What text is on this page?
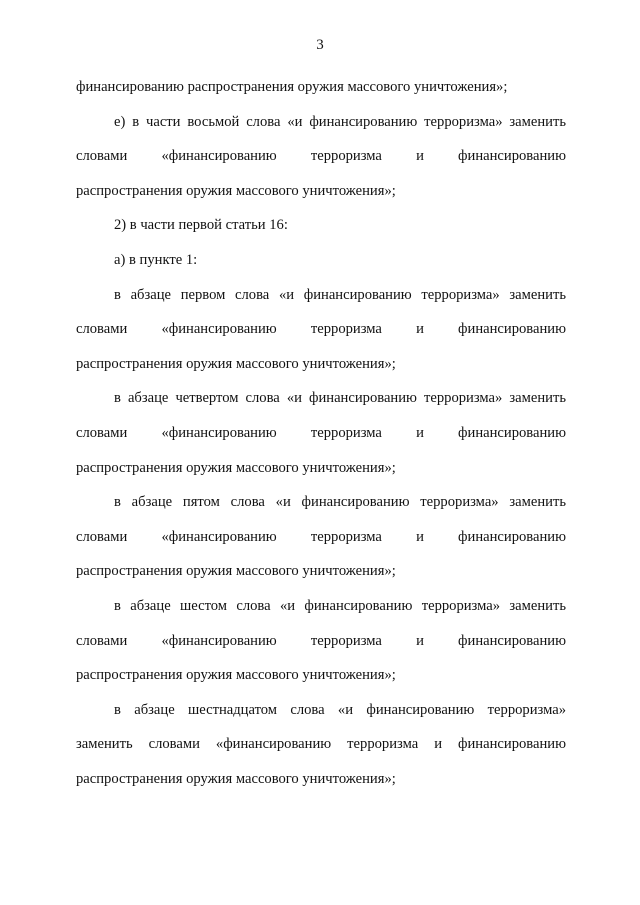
3
финансированию распространения оружия массового уничтожения»;
е) в части восьмой слова «и финансированию терроризма» заменить
словами «финансированию терроризма и финансированию
распространения оружия массового уничтожения»;
2) в части первой статьи 16:
а) в пункте 1:
в абзаце первом слова «и финансированию терроризма» заменить
словами «финансированию терроризма и финансированию
распространения оружия массового уничтожения»;
в абзаце четвертом слова «и финансированию терроризма» заменить
словами «финансированию терроризма и финансированию
распространения оружия массового уничтожения»;
в абзаце пятом слова «и финансированию терроризма» заменить
словами «финансированию терроризма и финансированию
распространения оружия массового уничтожения»;
в абзаце шестом слова «и финансированию терроризма» заменить
словами «финансированию терроризма и финансированию
распространения оружия массового уничтожения»;
в абзаце шестнадцатом слова «и финансированию терроризма»
заменить словами «финансированию терроризма и финансированию
распространения оружия массового уничтожения»;
